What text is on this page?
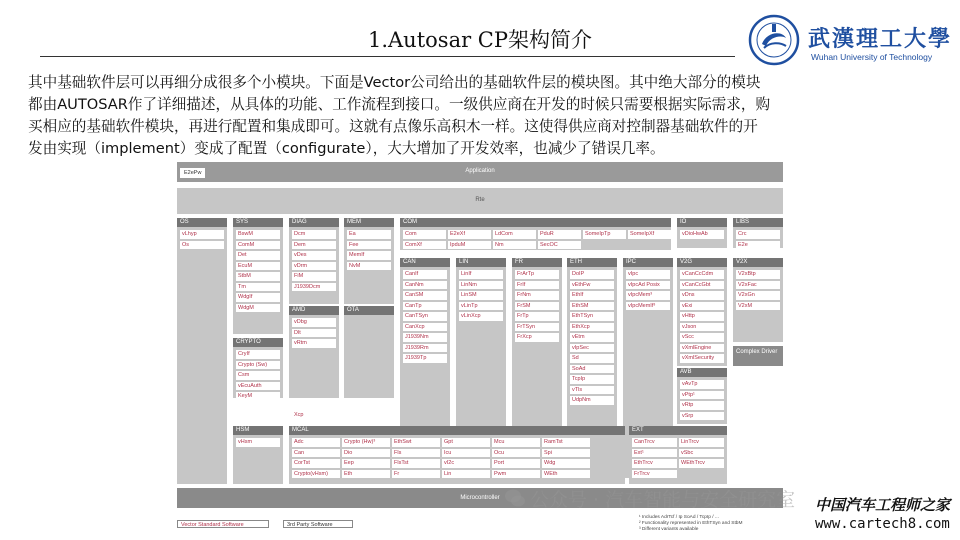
1.Autosar CP架构简介	武漢理工大學
Wuhan University of Technology
其中基础软件层可以再细分成很多个小模块。下面是Vector公司给出的基础软件层的模块图。其中绝大部分的模块
都由AUTOSAR作了详细描述，从具体的功能、工作流程到接口。一级供应商在开发的时候只需要根据实际需求，购
买相应的基础软件模块，再进行配置和集成即可。这就有点像乐高积木一样。这使得供应商对控制器基础软件的开
发由实现（implement）变成了配置（configurate），大大增加了开发效率，也减少了错误几率。
E2ePw	Application
Rte
OS
vLhyp
Os
SYS
BswM
ComM
Det
EcuM
StbM
Tm
WdgIf
WdgM
DIAG
Dcm
Dem
vDes
vDrm
FiM
J1939Dcm
MEM
Ea
Fee
MemIf
NvM
COM
Com	E2eXf	LdCom	PduR	SomeIpTp	SomeIpXf
ComXf	IpduM	Nm	SecOC
IO
vDioHwAb
LIBS
Crc
E2e
CAN
CanIf
CanNm
CanSM
CanTp
CanTSyn
CanXcp
J1939Nm
J1939Rm
J1939Tp
LIN
LinIf
LinNm
LinSM
vLinTp
vLinXcp
FR
FrArTp
FrIf
FrNm
FrSM
FrTp
FrTSyn
FrXcp
ETH
DoIP
vEthFw
EthIf
EthSM
EthTSyn
EthXcp
vEtm
vIpSec
Sd
SoAd
TcpIp
vTls
UdpNm
IPC
vIpc
vIpcAd Posix
vIpcMem³
vIpcMemIf³
V2G
vCanCcCdm
vCanCcGbt
vDns
vExi
vHttp
vJson
vScc
vXmlEngine
vXmlSecurity
V2X
V2xBtp
V2xFac
V2xGn
V2xM
Complex Driver
AMD
vDbg
Dlt
vRtm
OTA
CRYPTO
CryIf
Crypto (Sw)
Csm
vEcuAuth
KeyM
AVB
vAvTp
vPtp¹
vRtp
vSrp
HSM
vHsm
MCAL
Adc	Crypto (Hw)³	EthSwt	Gpt	Mcu	RamTst
Can	Dio	Fls	Icu	Ocu	Spi
CorTst	Eep	FlsTst	vI2c	Port	Wdg
Crypto(vHsm)	Eth	Fr	Lin	Pwm	WEth
EXT
CanTrcv	LinTrcv
Ext¹	vSbc
EthTrcv	WEthTrcv
FrTrcv
Xcp
Microcontroller
Vector Standard Software	3rd Party Software
¹ Includes AdrTcf / Ip SoAd / TcpIp / ...
² Functionality represented in EthTSyn and StbM
³ Different variants available
公众号 · 汽车智能与安全研究室 中国汽车工程师之家
www.cartech8.com
